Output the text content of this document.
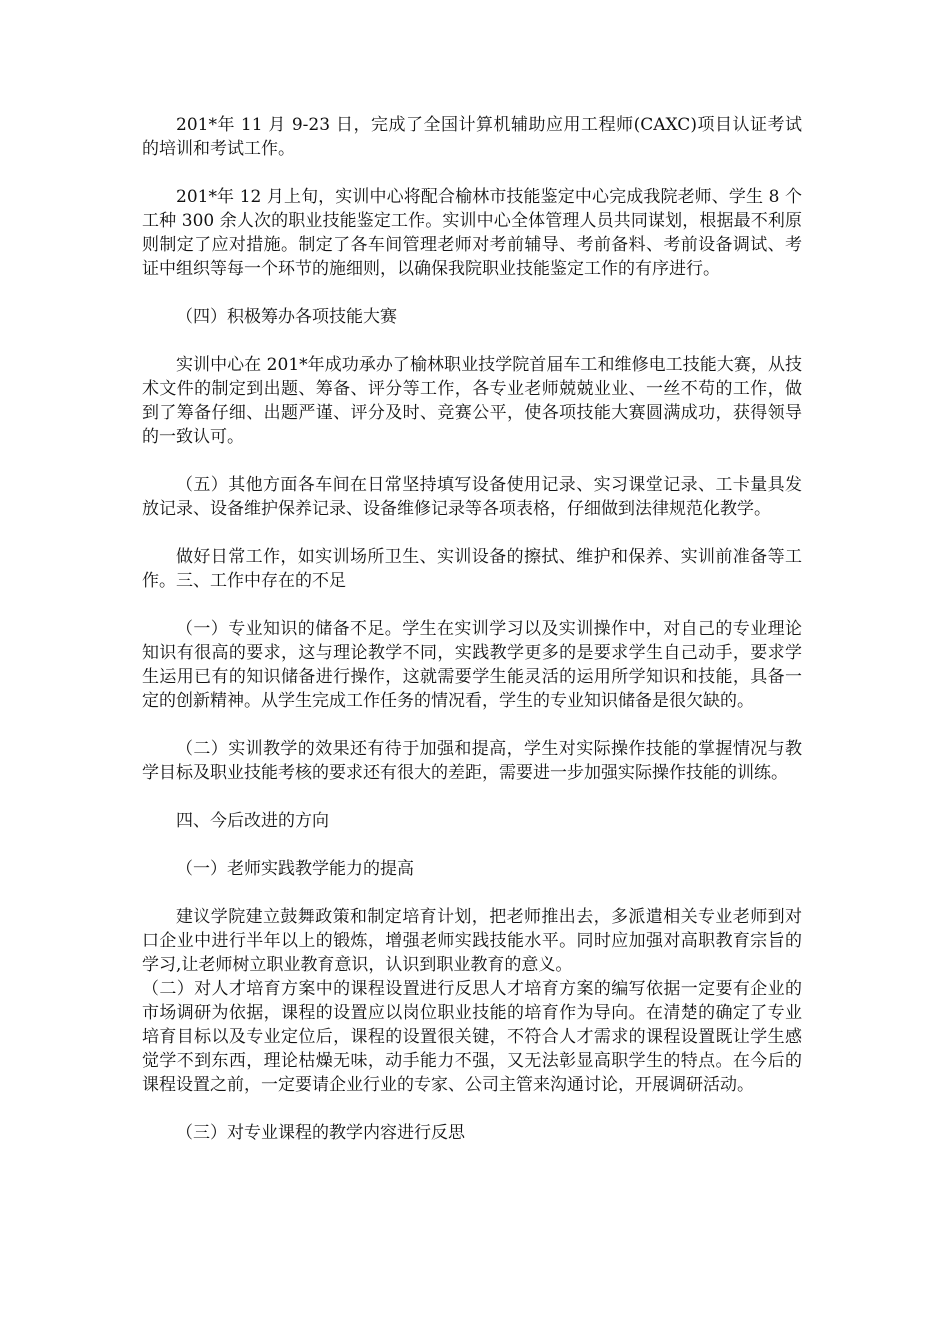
201*年 11 月 9-23 日，完成了全国计算机辅助应用工程师(CAXC)项目认证考试的培训和考试工作。

201*年 12 月上旬，实训中心将配合榆林市技能鉴定中心完成我院老师、学生 8 个工种 300 余人次的职业技能鉴定工作。实训中心全体管理人员共同谋划，根据最不利原则制定了应对措施。制定了各车间管理老师对考前辅导、考前备料、考前设备调试、考证中组织等每一个环节的施细则，以确保我院职业技能鉴定工作的有序进行。

（四）积极筹办各项技能大赛

实训中心在 201*年成功承办了榆林职业技学院首届车工和维修电工技能大赛，从技术文件的制定到出题、筹备、评分等工作，各专业老师兢兢业业、一丝不苟的工作，做到了筹备仔细、出题严谨、评分及时、竞赛公平，使各项技能大赛圆满成功，获得领导的一致认可。

（五）其他方面各车间在日常坚持填写设备使用记录、实习课堂记录、工卡量具发放记录、设备维护保养记录、设备维修记录等各项表格，仔细做到法律规范化教学。

做好日常工作，如实训场所卫生、实训设备的擦拭、维护和保养、实训前准备等工作。三、工作中存在的不足

（一）专业知识的储备不足。学生在实训学习以及实训操作中，对自己的专业理论知识有很高的要求，这与理论教学不同，实践教学更多的是要求学生自己动手，要求学生运用已有的知识储备进行操作，这就需要学生能灵活的运用所学知识和技能，具备一定的创新精神。从学生完成工作任务的情况看，学生的专业知识储备是很欠缺的。

（二）实训教学的效果还有待于加强和提高，学生对实际操作技能的掌握情况与教学目标及职业技能考核的要求还有很大的差距，需要进一步加强实际操作技能的训练。

四、今后改进的方向

（一）老师实践教学能力的提高

建议学院建立鼓舞政策和制定培育计划，把老师推出去，多派遣相关专业老师到对口企业中进行半年以上的锻炼，增强老师实践技能水平。同时应加强对高职教育宗旨的学习,让老师树立职业教育意识，认识到职业教育的意义。

（二）对人才培育方案中的课程设置进行反思人才培育方案的编写依据一定要有企业的市场调研为依据，课程的设置应以岗位职业技能的培育作为导向。在清楚的确定了专业培育目标以及专业定位后，课程的设置很关键，不符合人才需求的课程设置既让学生感觉学不到东西，理论枯燥无味，动手能力不强，又无法彰显高职学生的特点。在今后的课程设置之前，一定要请企业行业的专家、公司主管来沟通讨论，开展调研活动。

（三）对专业课程的教学内容进行反思
